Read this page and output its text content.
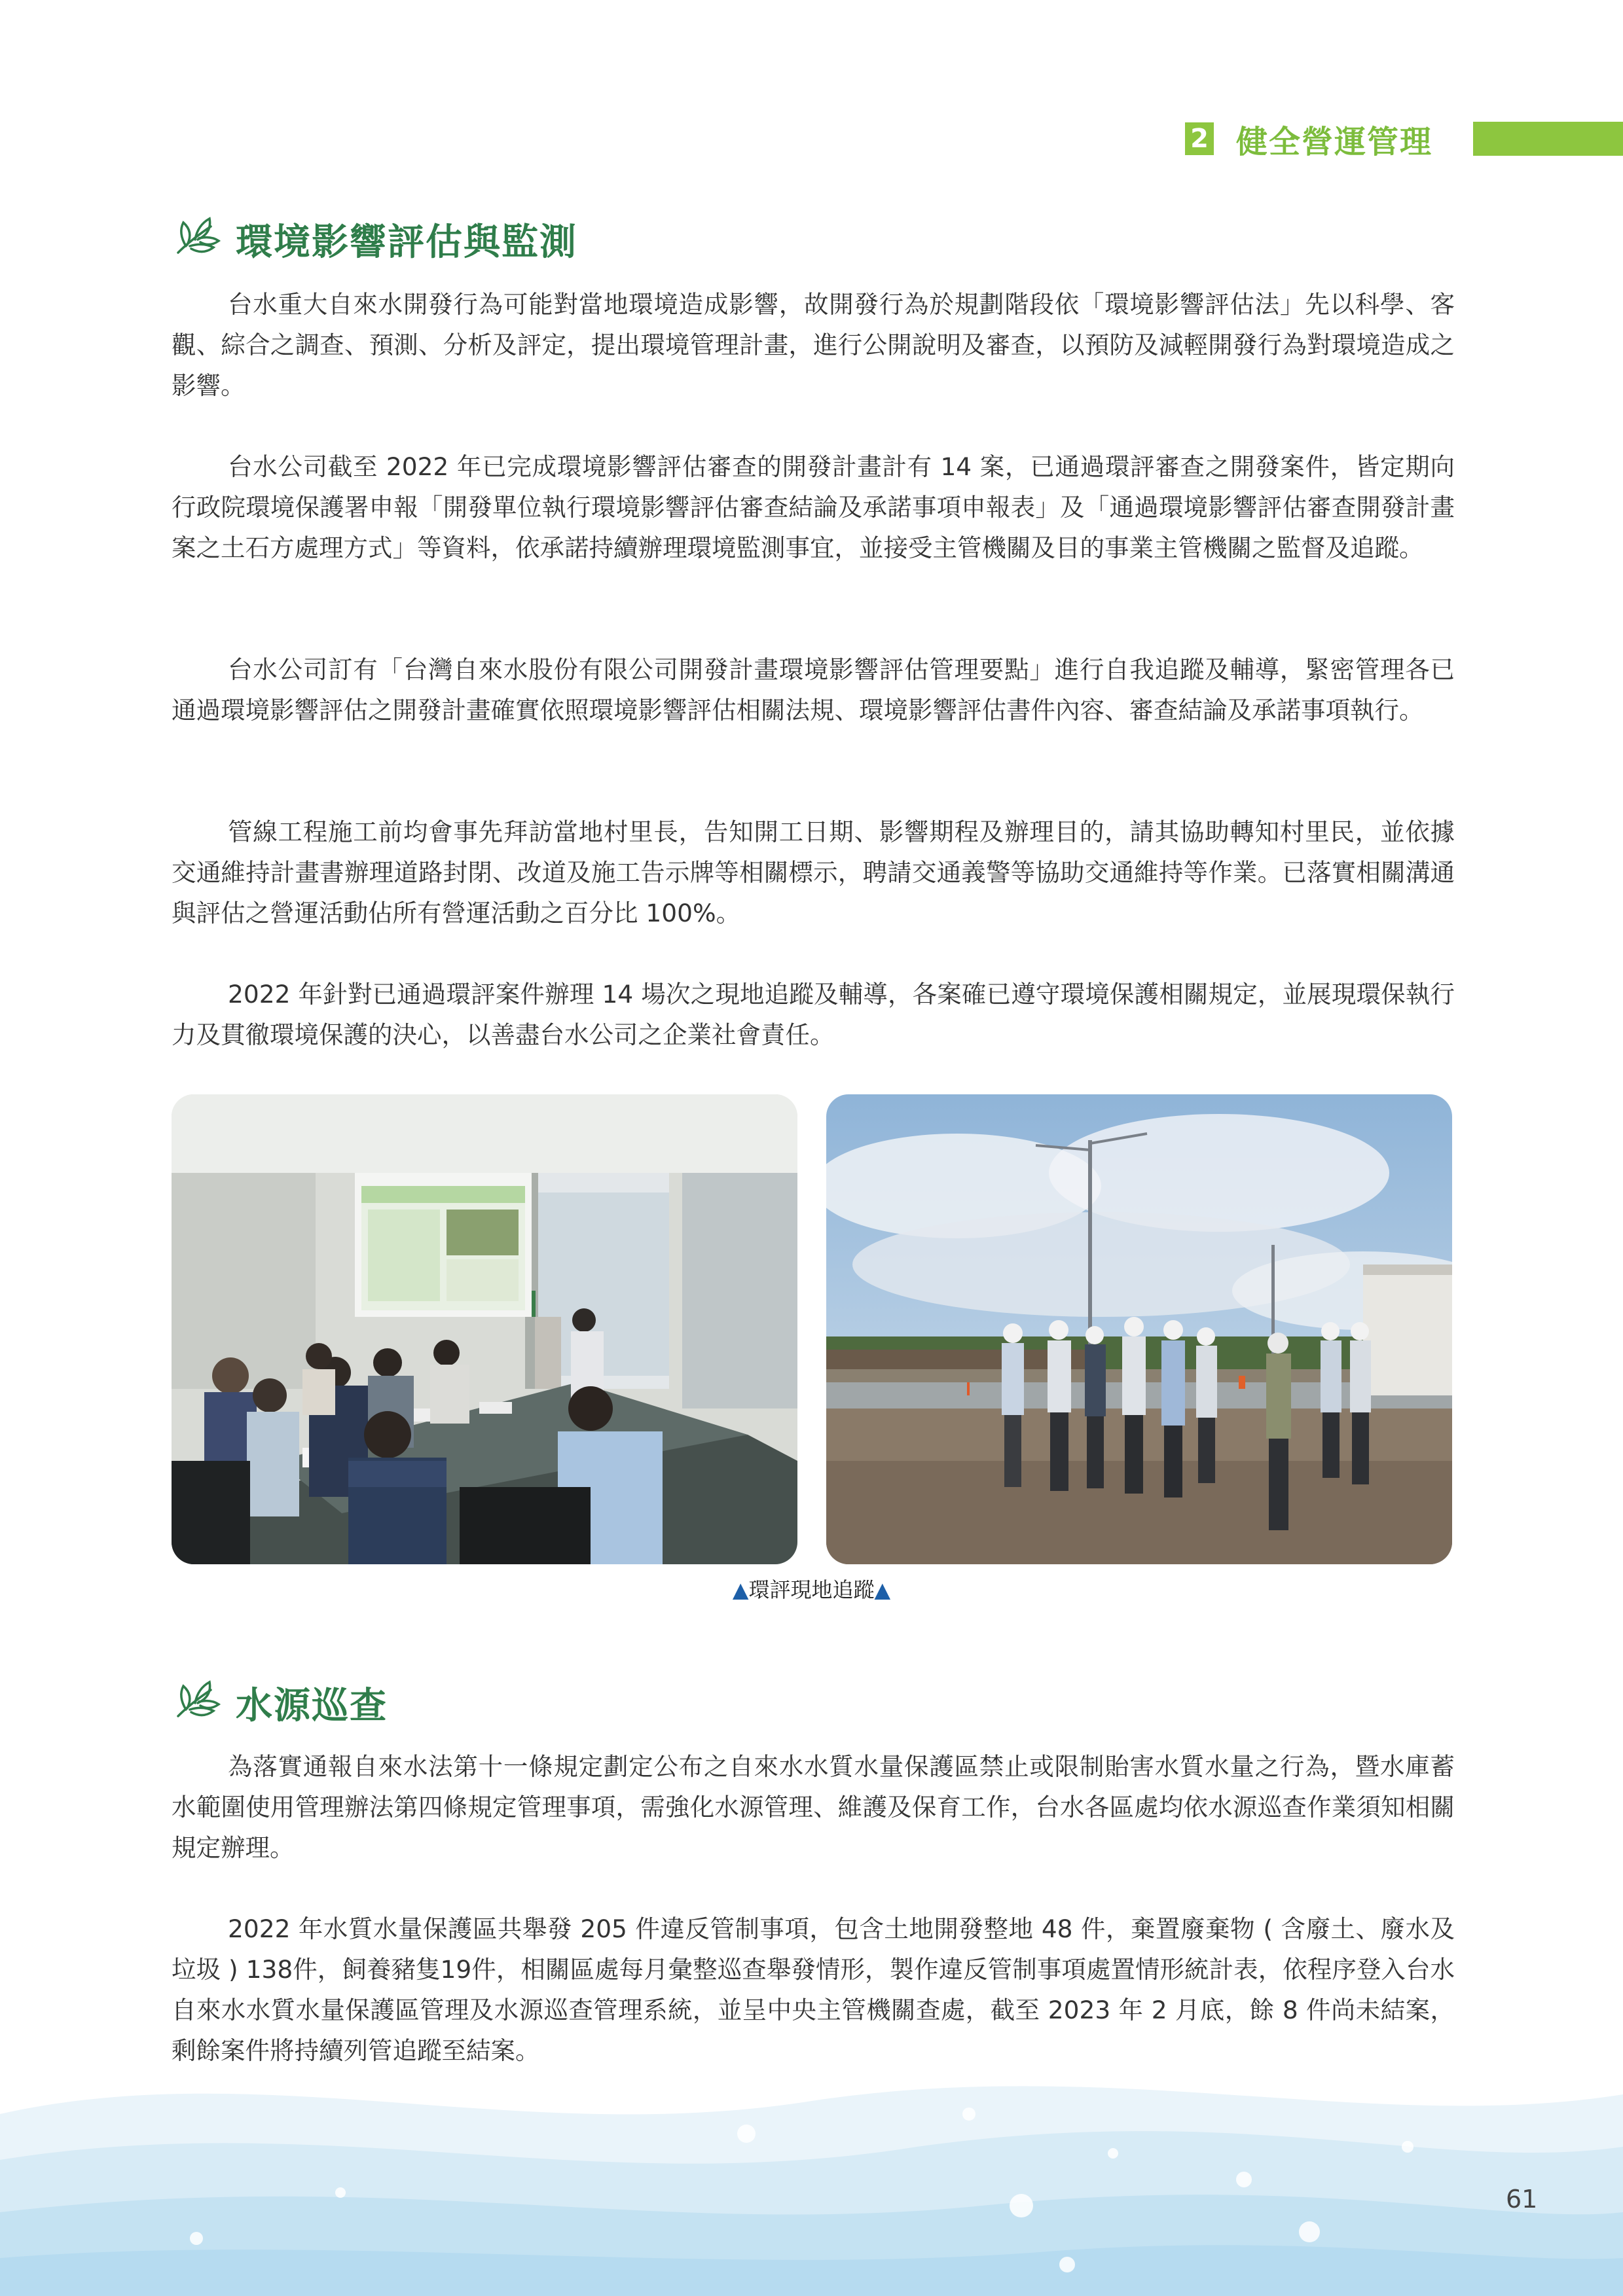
2 健全營運管理
環境影響評估與監測

台水重大自來水開發行為可能對當地環境造成影響，故開發行為於規劃階段依「環境影響評估法」先以科學、客觀、綜合之調查、預測、分析及評定，提出環境管理計畫，進行公開說明及審查，以預防及減輕開發行為對環境造成之影響。

台水公司截至 2022 年已完成環境影響評估審查的開發計畫計有 14 案，已通過環評審查之開發案件，皆定期向行政院環境保護署申報「開發單位執行環境影響評估審查結論及承諾事項申報表」及「通過環境影響評估審查開發計畫案之土石方處理方式」等資料，依承諾持續辦理環境監測事宜，並接受主管機關及目的事業主管機關之監督及追蹤。

台水公司訂有「台灣自來水股份有限公司開發計畫環境影響評估管理要點」進行自我追蹤及輔導，緊密管理各已通過環境影響評估之開發計畫確實依照環境影響評估相關法規、環境影響評估書件內容、審查結論及承諾事項執行。

管線工程施工前均會事先拜訪當地村里長，告知開工日期、影響期程及辦理目的，請其協助轉知村里民，並依據交通維持計畫書辦理道路封閉、改道及施工告示牌等相關標示，聘請交通義警等協助交通維持等作業。已落實相關溝通與評估之營運活動佔所有營運活動之百分比 100%。

2022 年針對已通過環評案件辦理 14 場次之現地追蹤及輔導，各案確已遵守環境保護相關規定，並展現環保執行力及貫徹環境保護的決心，以善盡台水公司之企業社會責任。

▲環評現地追蹤▲
水源巡查

為落實通報自來水法第十一條規定劃定公布之自來水水質水量保護區禁止或限制貽害水質水量之行為，暨水庫蓄水範圍使用管理辦法第四條規定管理事項，需強化水源管理、維護及保育工作，台水各區處均依水源巡查作業須知相關規定辦理。

2022 年水質水量保護區共舉發 205 件違反管制事項，包含土地開發整地 48 件，棄置廢棄物 ( 含廢土、廢水及垃圾 ) 138件，飼養豬隻19件，相關區處每月彙整巡查舉發情形，製作違反管制事項處置情形統計表，依程序登入台水自來水水質水量保護區管理及水源巡查管理系統，並呈中央主管機關查處，截至 2023 年 2 月底，餘 8 件尚未結案，剩餘案件將持續列管追蹤至結案。

61
